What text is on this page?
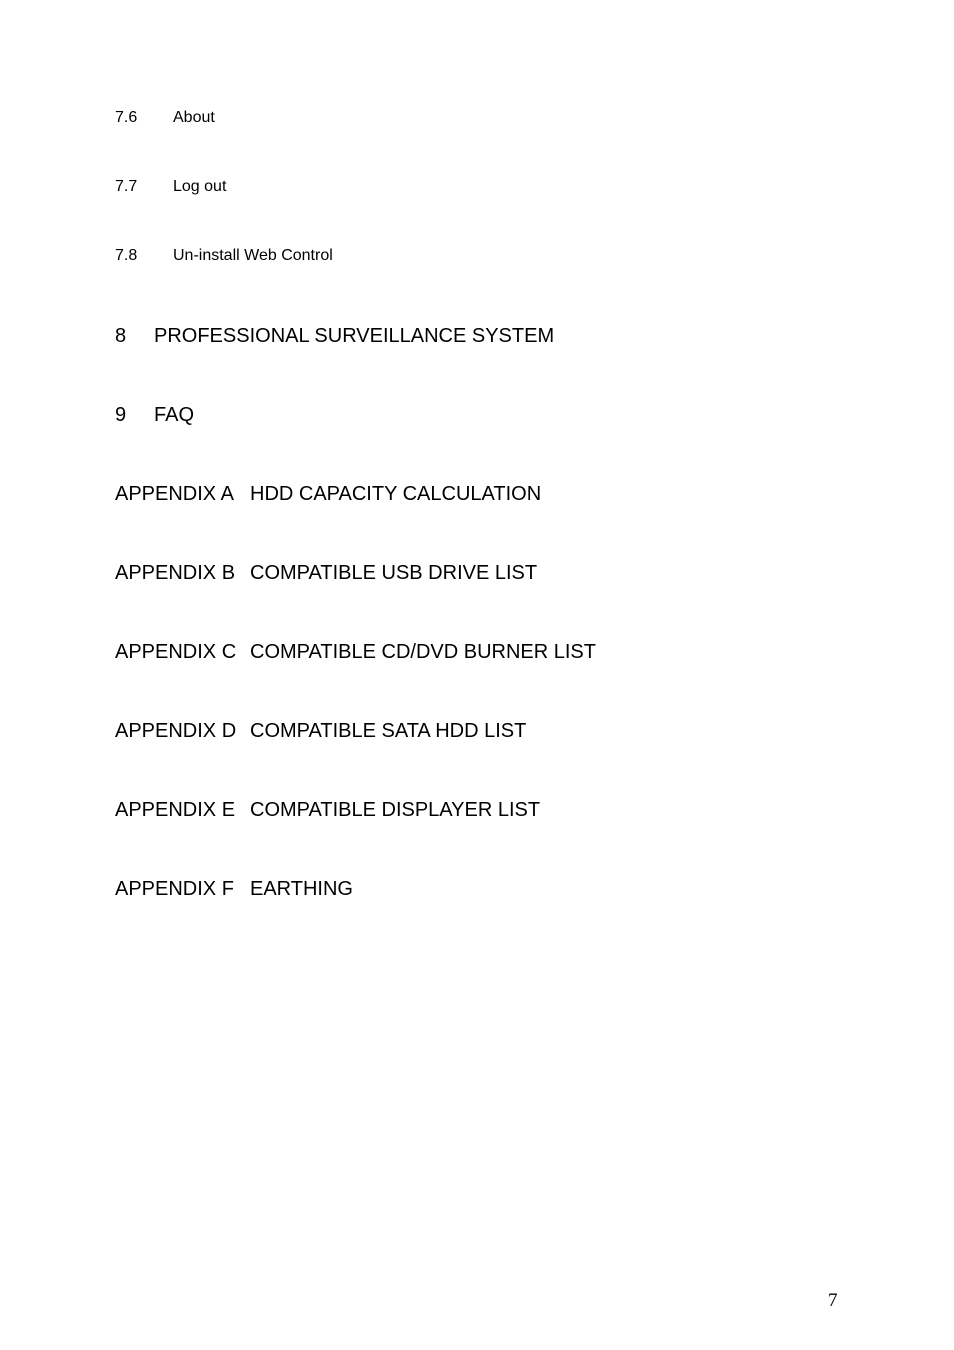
7.6 About
7.7 Log out
7.8 Un-install Web Control
8 PROFESSIONAL SURVEILLANCE SYSTEM
9 FAQ
APPENDIX A HDD CAPACITY CALCULATION
APPENDIX B COMPATIBLE USB DRIVE LIST
APPENDIX C COMPATIBLE CD/DVD BURNER LIST
APPENDIX D COMPATIBLE SATA HDD LIST
APPENDIX E COMPATIBLE DISPLAYER LIST
APPENDIX F EARTHING
7
